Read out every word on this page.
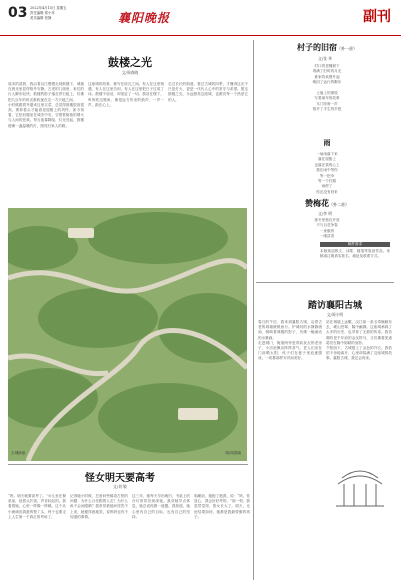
03 2022年4月15日 星期五
责任编辑 郑小苹
美术编辑 张静	襄阳晚报	副刊
鼓楼之光
文/周春晓

周末的清晨，我沿着汉江慢慢走到鼓楼下，城墙在晨光里显得格外安静。古老的门洞里，来往的行人脚步轻快，鼓楼的影子落在青石板上，仿佛把几百年的时光都收拢在这一方天地之间。

小时候跟着外婆来这里买菜，总觉得鼓楼很高很高，要仰着头才能看见屋檐上的风铃。如今再看，它依旧端坐在城市中央，守望着街巷的烟火与人间的悲欢。每当夜幕降临，灯光亮起，鼓楼便像一盏温暖的灯，照亮归家人的路。

这座城的故事，都写在砖瓦之间。有人在这里相遇，有人在这里告别，有人在这里把日子过成了诗。鼓楼不说话，却见证了一切。我站在楼下，听风吹过檐角，像是远方传来的鼓声，一声一声，敲在心上。

走过长长的街巷，看过古城的四季，才懂得这光不只是灯火，更是一代代人心中的坚守与希望。愿这鼓楼之光，永远照亮这座城，也照亮每一个热爱它的人。

古城绿意	图/周春晓
怪女明天要高考
文/刘 敏

“妈，明天就要高考了。”女儿坐在餐桌前，低着头扒饭，声音轻轻的。我看着她，心里一阵酸一阵暖。这个从小就调皮捣蛋的怪丫头，终于也要走上人生第一个真正的考场了。

记得她小时候，总爱问些稀奇古怪的问题：为什么月亮跟着人走？为什么鱼不会闭眼睛？我常常被她问得答不上来，她便得意地笑，说妈妈也有不知道的事情。

这三年，她每天早出晚归，书桌上的台灯常常亮到深夜。我劝她早点休息，她总说再做一道题。我知道，她心里有自己的目标，也有自己的坚持。

临睡前，她抱了抱我，说：“妈，你放心，我会好好考的。”那一刻，我忽然觉得，怪女长大了。明天，无论结果如何，她都是我最骄傲的孩子。

村子的旧宿（外一首）
文/张 华
村口的老槐树下
堆满了旧时的月光
谁家的炊烟升起
唤回了远行的脚步

土墙上的斑驳
写着童年的故事
木门吱呀一声
推开了半生的乡愁
雨
一场雨落下来
落在屋檐上
也落在我的心上
我在雨中等你
等一把伞
等一个归期
雨停了
你还没有回来
赞梅花（外二首）
文/李 明
寒冬里独自开放
不与百花争春
一身傲骨
一缕清香
稿件需求
本版欢迎散文、诗歌、随笔等原创作品，来稿请注明真实姓名、地址及联系方式。
踏访襄阳古城
文/周小明

春日的午后，我来到襄阳古城，沿着古老的城墙缓缓而行。护城河的水静静流淌，倒映着城楼的影子，仿佛一幅流动的水墨画。

走进城门，街道两旁是青砖灰瓦的老房子，小店里飘出阵阵香气。老人们坐在门前晒太阳，孩子们在巷子里追逐嬉戏，一切都那样安详而美好。

站在城墙上远眺，汉江如一条玉带蜿蜒东去，岘山苍翠，隆中幽静。这座城承载了太多的历史，也孕育了无数的传奇。我仿佛听见千年前的金戈铁马，又仿佛看见诸葛亮在隆中躬耕的身影。

夕阳西下，古城披上了金色的外衣。我依依不舍地离开，心里却装满了这座城的故事。襄阳古城，我还会再来。
